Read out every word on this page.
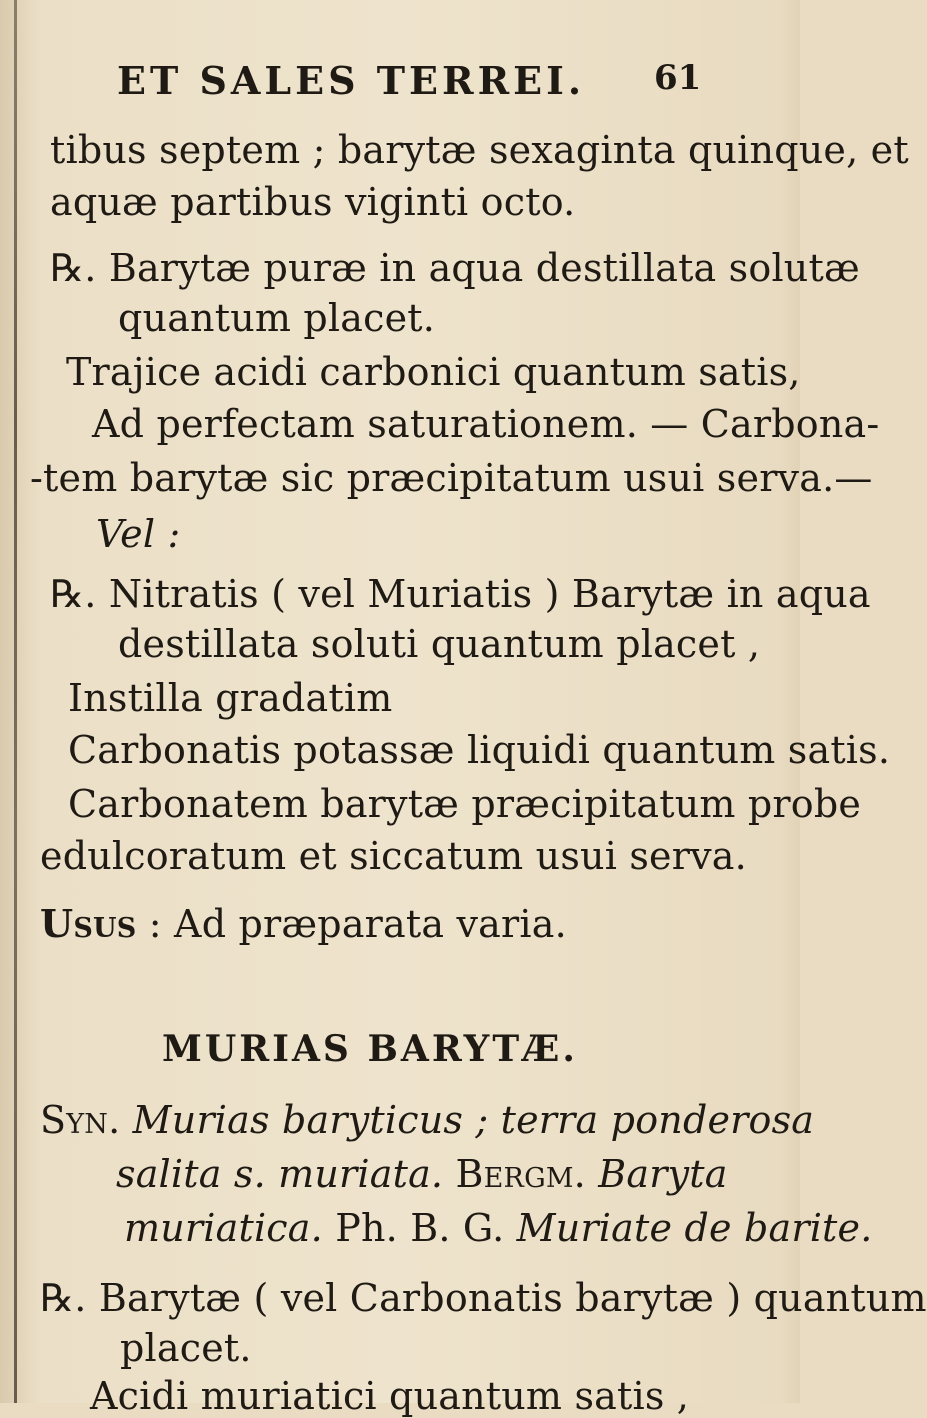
ET SALES TERREI. 61
tibus septem ; barytæ sexaginta quinque, et
aquæ partibus viginti octo.
℞. Barytæ puræ in aqua destillata solutæ
quantum placet.
Trajice acidi carbonici quantum satis,
Ad perfectam saturationem. — Carbona-
-tem barytæ sic præcipitatum usui serva.—
Vel :
℞. Nitratis ( vel Muriatis ) Barytæ in aqua
destillata soluti quantum placet ,
Instilla gradatim
Carbonatis potassæ liquidi quantum satis.
Carbonatem barytæ præcipitatum probe
edulcoratum et siccatum usui serva.
Usus : Ad præparata varia.
MURIAS BARYTÆ.
Syn. Murias baryticus ; terra ponderosa
salita s. muriata. Bergm. Baryta
muriatica. Ph. B. G. Muriate de barite.
℞. Barytæ ( vel Carbonatis barytæ ) quantum
placet.
Acidi muriatici quantum satis ,
